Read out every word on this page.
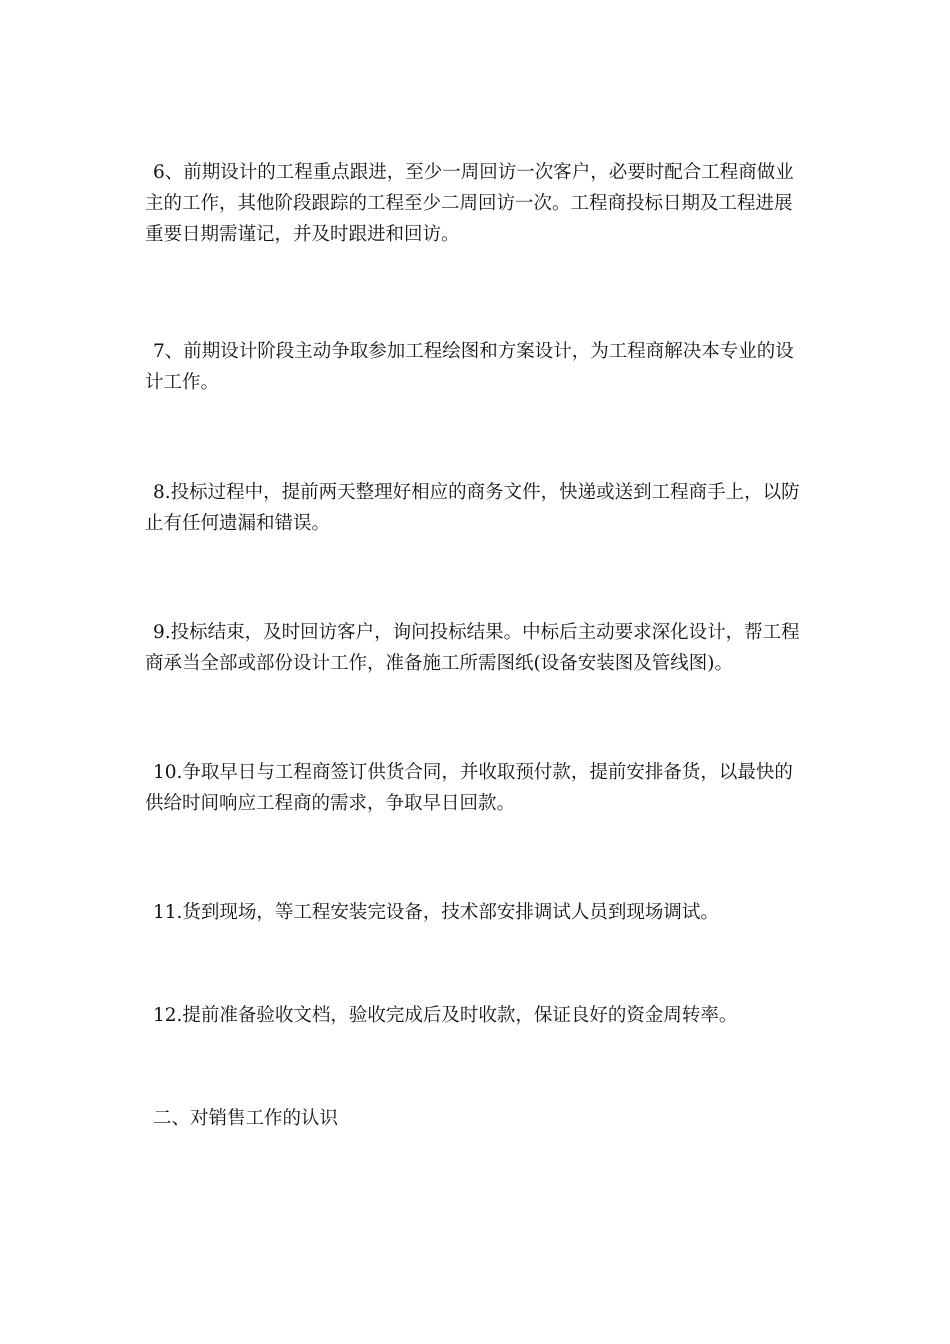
6、前期设计的工程重点跟进，至少一周回访一次客户，必要时配合工程商做业主的工作，其他阶段跟踪的工程至少二周回访一次。工程商投标日期及工程进展重要日期需谨记，并及时跟进和回访。

7、前期设计阶段主动争取参加工程绘图和方案设计，为工程商解决本专业的设计工作。

8.投标过程中，提前两天整理好相应的商务文件，快递或送到工程商手上，以防止有任何遗漏和错误。

9.投标结束，及时回访客户，询问投标结果。中标后主动要求深化设计，帮工程商承当全部或部份设计工作，准备施工所需图纸(设备安装图及管线图)。

10.争取早日与工程商签订供货合同，并收取预付款，提前安排备货，以最快的供给时间响应工程商的需求，争取早日回款。

11.货到现场，等工程安装完设备，技术部安排调试人员到现场调试。

12.提前准备验收文档，验收完成后及时收款，保证良好的资金周转率。

二、对销售工作的认识
